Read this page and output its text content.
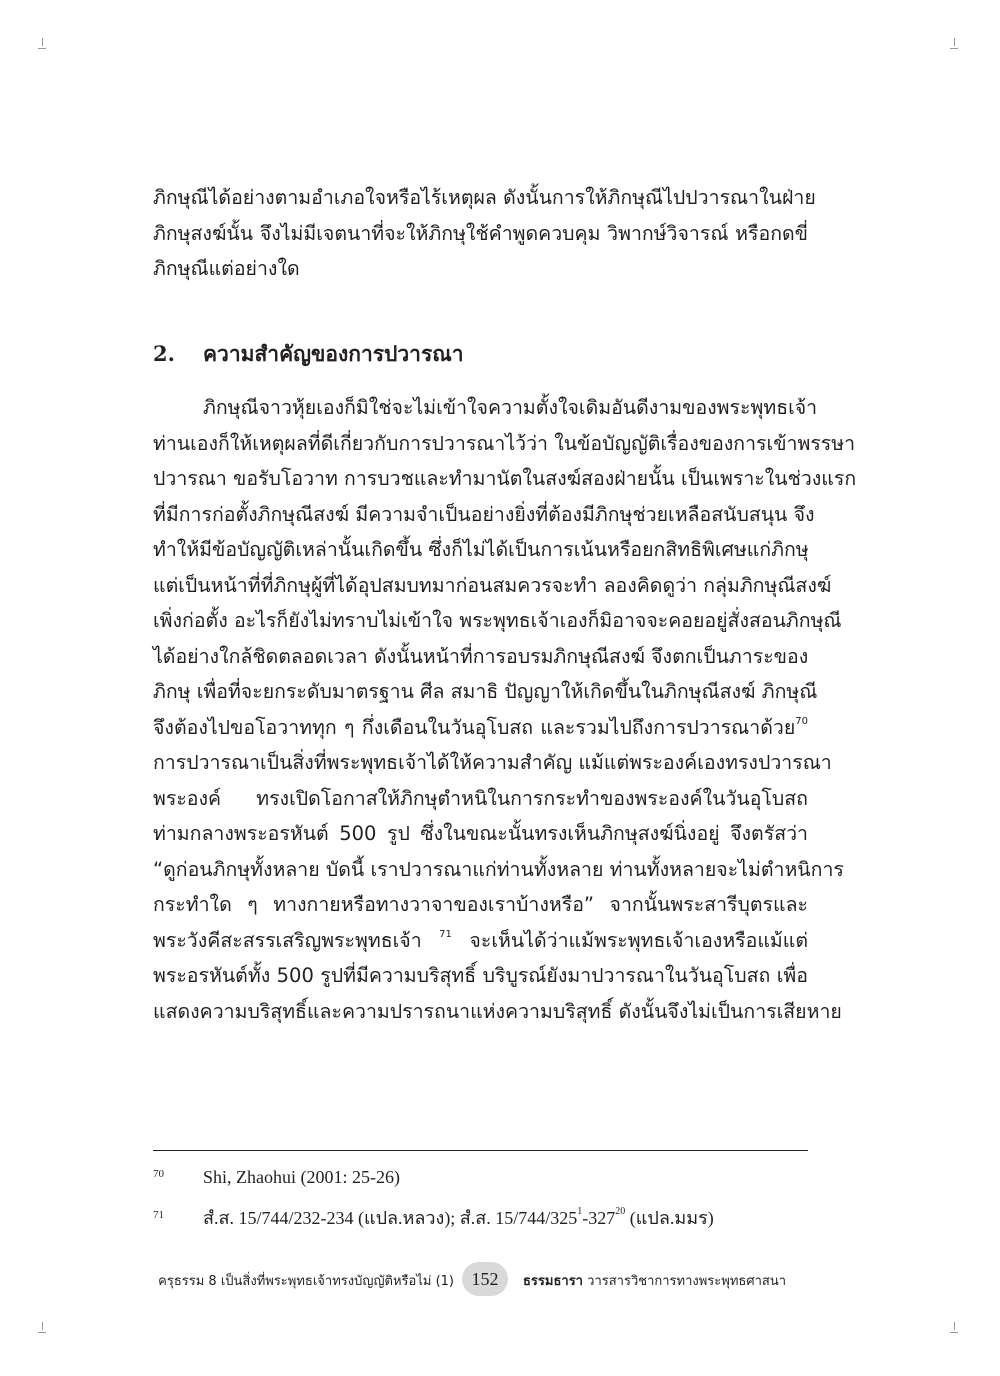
ภิกษุณีได้อย่างตามอำเภอใจหรือไร้เหตุผล ดังนั้นการให้ภิกษุณีไปปวารณาในฝ่าย
ภิกษุสงฆ์นั้น จึงไม่มีเจตนาที่จะให้ภิกษุใช้คำพูดควบคุม วิพากษ์วิจารณ์ หรือกดขี่
ภิกษุณีแต่อย่างใด
2. ความสำคัญของการปวารณา
ภิกษุณีจาวหุ้ยเองก็มิใช่จะไม่เข้าใจความตั้งใจเดิมอันดีงามของพระพุทธเจ้า
ท่านเองก็ให้เหตุผลที่ดีเกี่ยวกับการปวารณาไว้ว่า ในข้อบัญญัติเรื่องของการเข้าพรรษา
ปวารณา ขอรับโอวาท การบวชและทำมานัตในสงฆ์สองฝ่ายนั้น เป็นเพราะในช่วงแรก
ที่มีการก่อตั้งภิกษุณีสงฆ์ มีความจำเป็นอย่างยิ่งที่ต้องมีภิกษุช่วยเหลือสนับสนุน จึง
ทำให้มีข้อบัญญัติเหล่านั้นเกิดขึ้น ซึ่งก็ไม่ได้เป็นการเน้นหรือยกสิทธิพิเศษแก่ภิกษุ
แต่เป็นหน้าที่ที่ภิกษุผู้ที่ได้อุปสมบทมาก่อนสมควรจะทำ ลองคิดดูว่า กลุ่มภิกษุณีสงฆ์
เพิ่งก่อตั้ง อะไรก็ยังไม่ทราบไม่เข้าใจ พระพุทธเจ้าเองก็มิอาจจะคอยอยู่สั่งสอนภิกษุณี
ได้อย่างใกล้ชิดตลอดเวลา ดังนั้นหน้าที่การอบรมภิกษุณีสงฆ์ จึงตกเป็นภาระของ
ภิกษุ เพื่อที่จะยกระดับมาตรฐาน ศีล สมาธิ ปัญญาให้เกิดขึ้นในภิกษุณีสงฆ์ ภิกษุณี
จึงต้องไปขอโอวาททุก ๆ กึ่งเดือนในวันอุโบสถ และรวมไปถึงการปวารณาด้วย$^{70}$
การปวารณาเป็นสิ่งที่พระพุทธเจ้าได้ให้ความสำคัญ แม้แต่พระองค์เองทรงปวารณา
พระองค์ ทรงเปิดโอกาสให้ภิกษุตำหนิในการกระทำของพระองค์ในวันอุโบสถ
ท่ามกลางพระอรหันต์ 500 รูป ซึ่งในขณะนั้นทรงเห็นภิกษุสงฆ์นิ่งอยู่ จึงตรัสว่า
“ดูก่อนภิกษุทั้งหลาย บัดนี้ เราปวารณาแก่ท่านทั้งหลาย ท่านทั้งหลายจะไม่ตำหนิการ
กระทำใด ๆ ทางกายหรือทางวาจาของเราบ้างหรือ” จากนั้นพระสารีบุตรและ
พระวังคีสะสรรเสริญพระพุทธเจ้า $^{71}$ จะเห็นได้ว่าแม้พระพุทธเจ้าเองหรือแม้แต่
พระอรหันต์ทั้ง 500 รูปที่มีความบริสุทธิ์ บริบูรณ์ยังมาปวารณาในวันอุโบสถ เพื่อ
แสดงความบริสุทธิ์และความปรารถนาแห่งความบริสุทธิ์ ดังนั้นจึงไม่เป็นการเสียหาย
70 Shi, Zhaohui (2001: 25-26)
71 สํ.ส. 15/744/232-234 (แปล.หลวง); สํ.ส. $15/744/325^1-327^{20}$ (แปล.มมร)
ครุธรรม 8 เป็นสิ่งที่พระพุทธเจ้าทรงบัญญัติหรือไม่ (1) 152	ธรรมธารา วารสารวิชาการทางพระพุทธศาสนา
